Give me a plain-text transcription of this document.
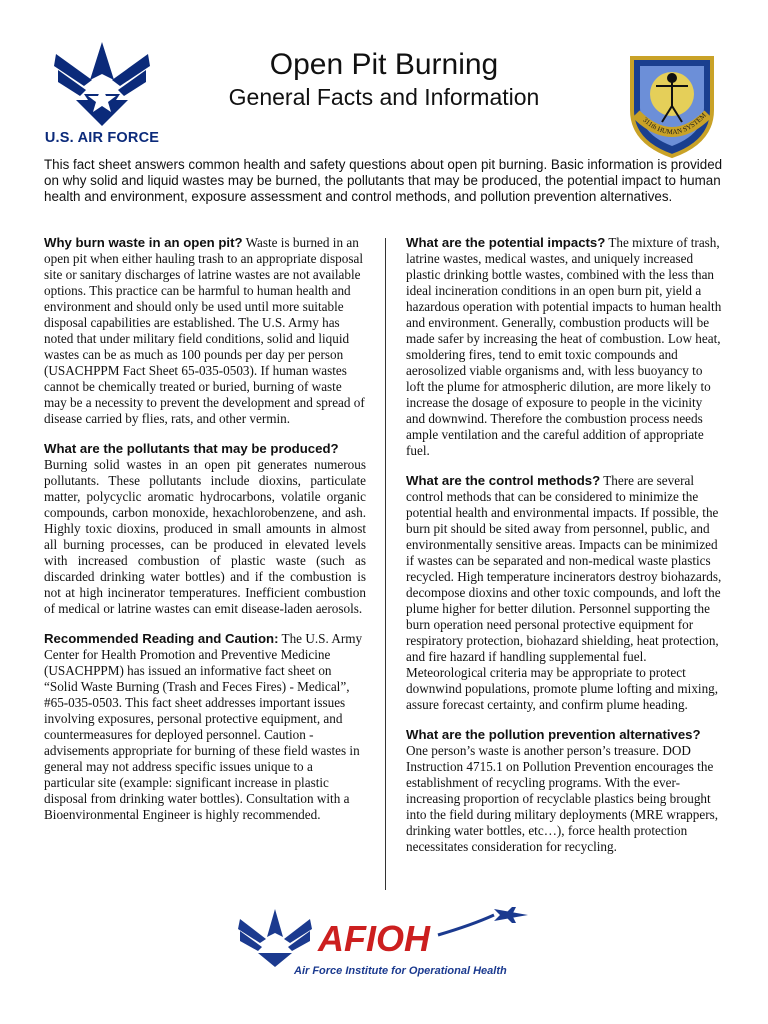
U.S. AIR FORCE
Open Pit Burning
General Facts and Information
311th HUMAN SYSTEM
This fact sheet answers common health and safety questions about open pit burning. Basic information is provided on why solid and liquid wastes may be burned, the pollutants that may be produced, the potential impact to human health and environment, exposure assessment and control methods, and pollution prevention alternatives.

Why burn waste in an open pit? Waste is burned in an open pit when either hauling trash to an appropriate disposal site or sanitary discharges of latrine wastes are not available options. This practice can be harmful to human health and environment and should only be used until more suitable disposal capabilities are established. The U.S. Army has noted that under military field conditions, solid and liquid wastes can be as much as 100 pounds per day per person (USACHPPM Fact Sheet 65-035-0503). If human wastes cannot be chemically treated or buried, burning of waste may be a necessity to prevent the development and spread of disease carried by flies, rats, and other vermin.

What are the pollutants that may be produced?
Burning solid wastes in an open pit generates numerous pollutants. These pollutants include dioxins, particulate matter, polycyclic aromatic hydrocarbons, volatile organic compounds, carbon monoxide, hexachlorobenzene, and ash. Highly toxic dioxins, produced in small amounts in almost all burning processes, can be produced in elevated levels with increased combustion of plastic waste (such as discarded drinking water bottles) and if the combustion is not at high incinerator temperatures. Inefficient combustion of medical or latrine wastes can emit disease-laden aerosols.

Recommended Reading and Caution: The U.S. Army Center for Health Promotion and Preventive Medicine (USACHPPM) has issued an informative fact sheet on “Solid Waste Burning (Trash and Feces Fires) - Medical”, #65-035-0503. This fact sheet addresses important issues involving exposures, personal protective equipment, and countermeasures for deployed personnel. Caution - advisements appropriate for burning of these field wastes in general may not address specific issues unique to a particular site (example: significant increase in plastic disposal from drinking water bottles). Consultation with a Bioenvironmental Engineer is highly recommended.

What are the potential impacts? The mixture of trash, latrine wastes, medical wastes, and uniquely increased plastic drinking bottle wastes, combined with the less than ideal incineration conditions in an open burn pit, yield a hazardous operation with potential impacts to human health and environment. Generally, combustion products will be made safer by increasing the heat of combustion. Low heat, smoldering fires, tend to emit toxic compounds and aerosolized viable organisms and, with less buoyancy to loft the plume for atmospheric dilution, are more likely to increase the dosage of exposure to people in the vicinity and downwind. Therefore the combustion process needs ample ventilation and the careful addition of appropriate fuel.

What are the control methods? There are several control methods that can be considered to minimize the potential health and environmental impacts. If possible, the burn pit should be sited away from personnel, public, and environmentally sensitive areas. Impacts can be minimized if wastes can be separated and non-medical waste plastics recycled. High temperature incinerators destroy biohazards, decompose dioxins and other toxic compounds, and loft the plume higher for better dilution. Personnel supporting the burn operation need personal protective equipment for respiratory protection, biohazard shielding, heat protection, and fire hazard if handling supplemental fuel. Meteorological criteria may be appropriate to protect downwind populations, promote plume lofting and mixing, assure forecast certainty, and confirm plume heading.

What are the pollution prevention alternatives?
One person’s waste is another person’s treasure. DOD Instruction 4715.1 on Pollution Prevention encourages the establishment of recycling programs. With the ever-increasing proportion of recyclable plastics being brought into the field during military deployments (MRE wrappers, drinking water bottles, etc…), force health protection necessitates consideration for recycling.

AFIOH
Air Force Institute for Operational Health
